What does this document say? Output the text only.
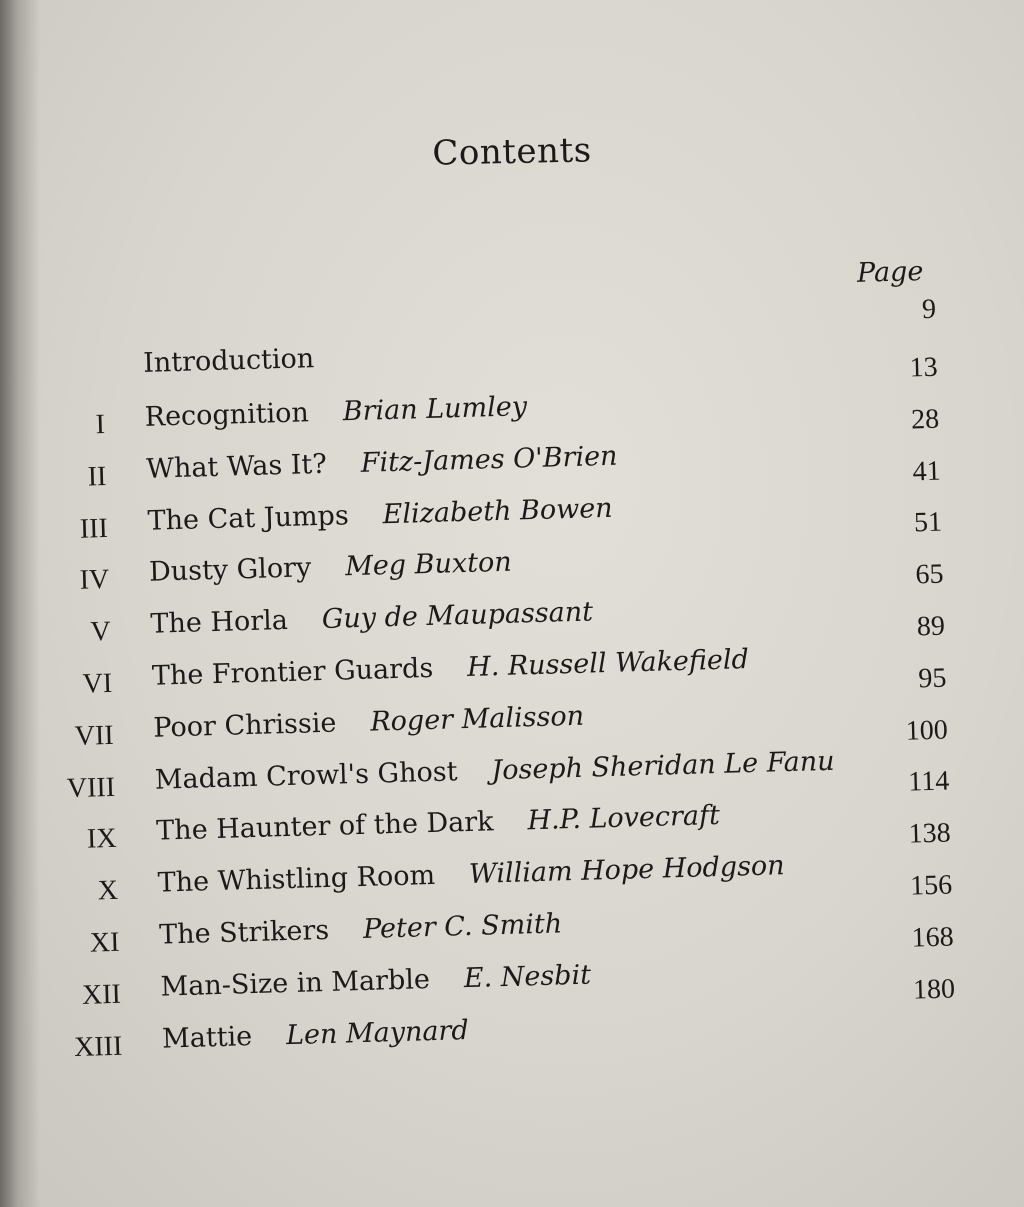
Contents
Page
Introduction
9
I Recognition Brian Lumley
13
II What Was It? Fitz-James O'Brien
28
III The Cat Jumps Elizabeth Bowen
41
IV Dusty Glory Meg Buxton
51
V The Horla Guy de Maupassant
65
VI The Frontier Guards H. Russell Wakefield
89
VII Poor Chrissie Roger Malisson
95
VIII Madam Crowl's Ghost Joseph Sheridan Le Fanu
100
IX The Haunter of the Dark H.P. Lovecraft
114
X The Whistling Room William Hope Hodgson
138
XI The Strikers Peter C. Smith
156
XII Man-Size in Marble E. Nesbit
168
XIII Mattie Len Maynard
180
